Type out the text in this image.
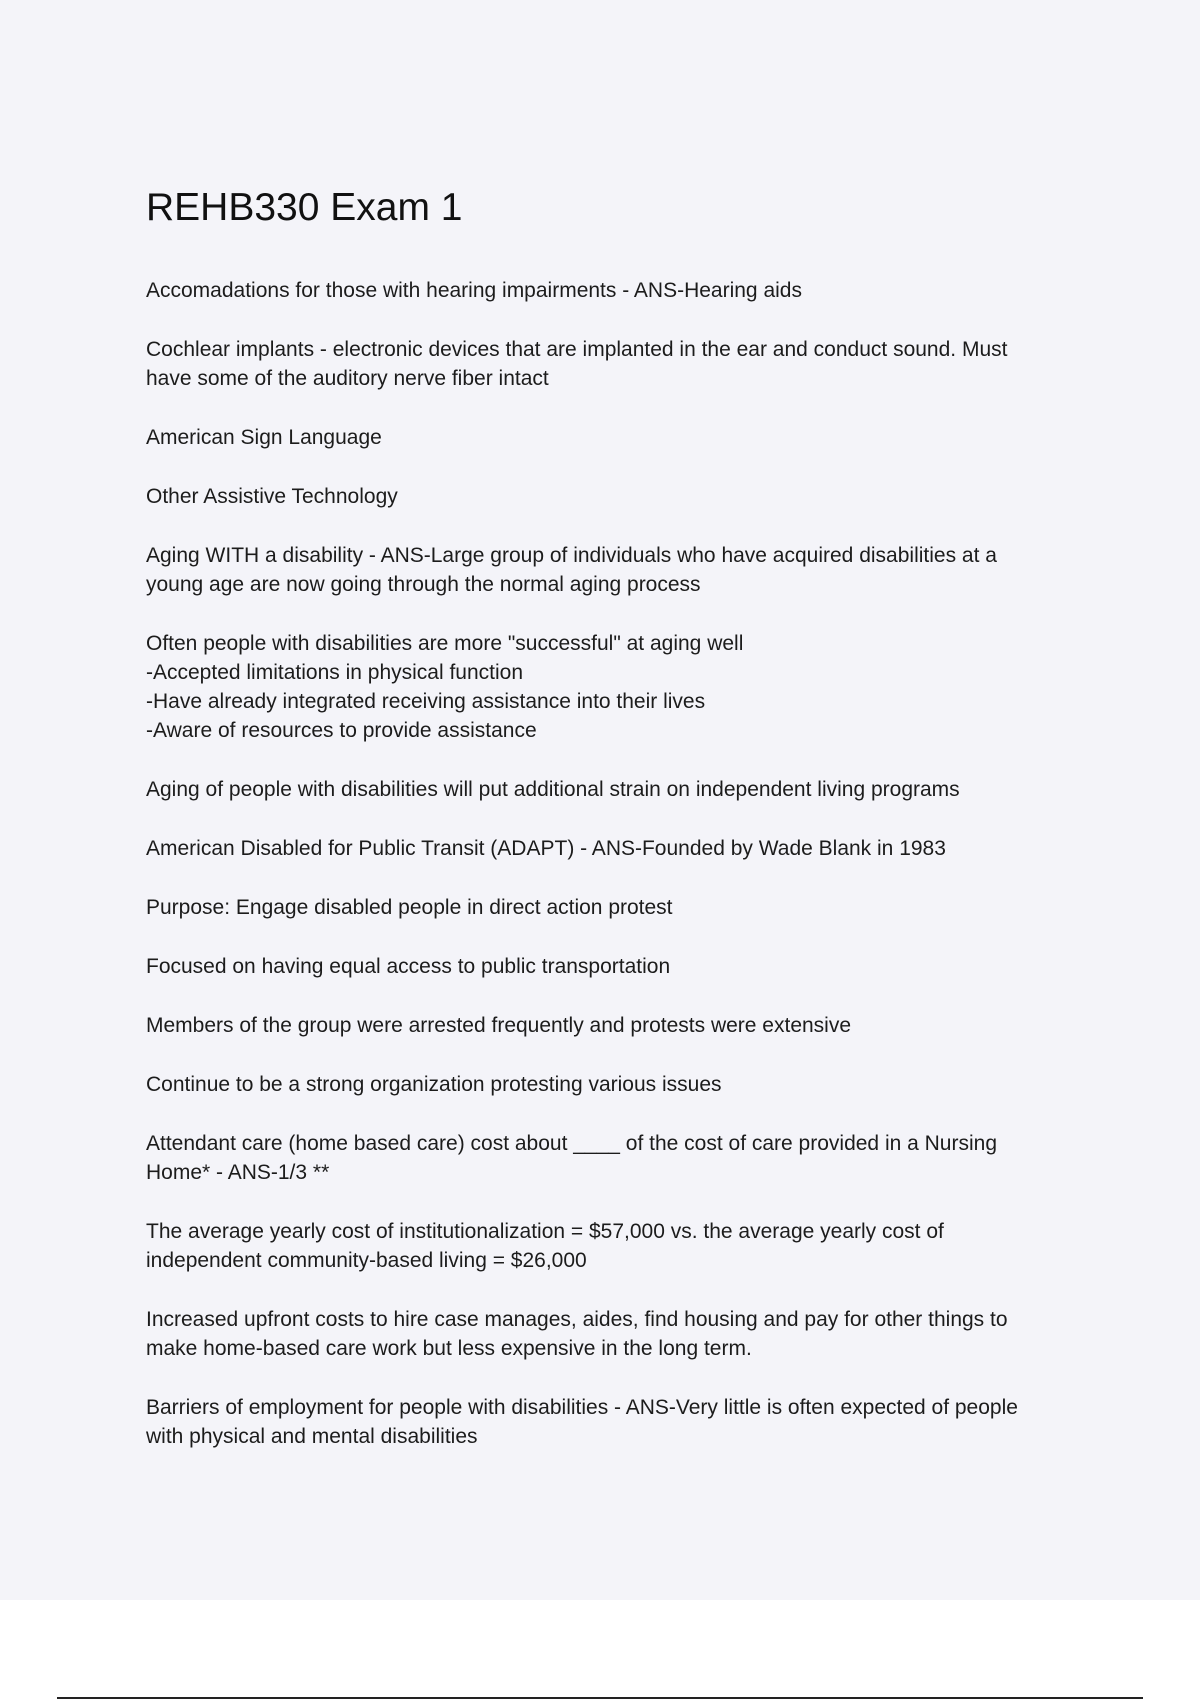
REHB330 Exam 1

Accomadations for those with hearing impairments - ANS-Hearing aids

Cochlear implants - electronic devices that are implanted in the ear and conduct sound. Must
have some of the auditory nerve fiber intact

American Sign Language

Other Assistive Technology

Aging WITH a disability - ANS-Large group of individuals who have acquired disabilities at a
young age are now going through the normal aging process

Often people with disabilities are more "successful" at aging well
-Accepted limitations in physical function
-Have already integrated receiving assistance into their lives
-Aware of resources to provide assistance

Aging of people with disabilities will put additional strain on independent living programs

American Disabled for Public Transit (ADAPT) - ANS-Founded by Wade Blank in 1983

Purpose: Engage disabled people in direct action protest

Focused on having equal access to public transportation

Members of the group were arrested frequently and protests were extensive

Continue to be a strong organization protesting various issues

Attendant care (home based care) cost about ____ of the cost of care provided in a Nursing
Home* - ANS-1/3 **

The average yearly cost of institutionalization = $57,000 vs. the average yearly cost of
independent community-based living = $26,000

Increased upfront costs to hire case manages, aides, find housing and pay for other things to
make home-based care work but less expensive in the long term.

Barriers of employment for people with disabilities - ANS-Very little is often expected of people
with physical and mental disabilities
